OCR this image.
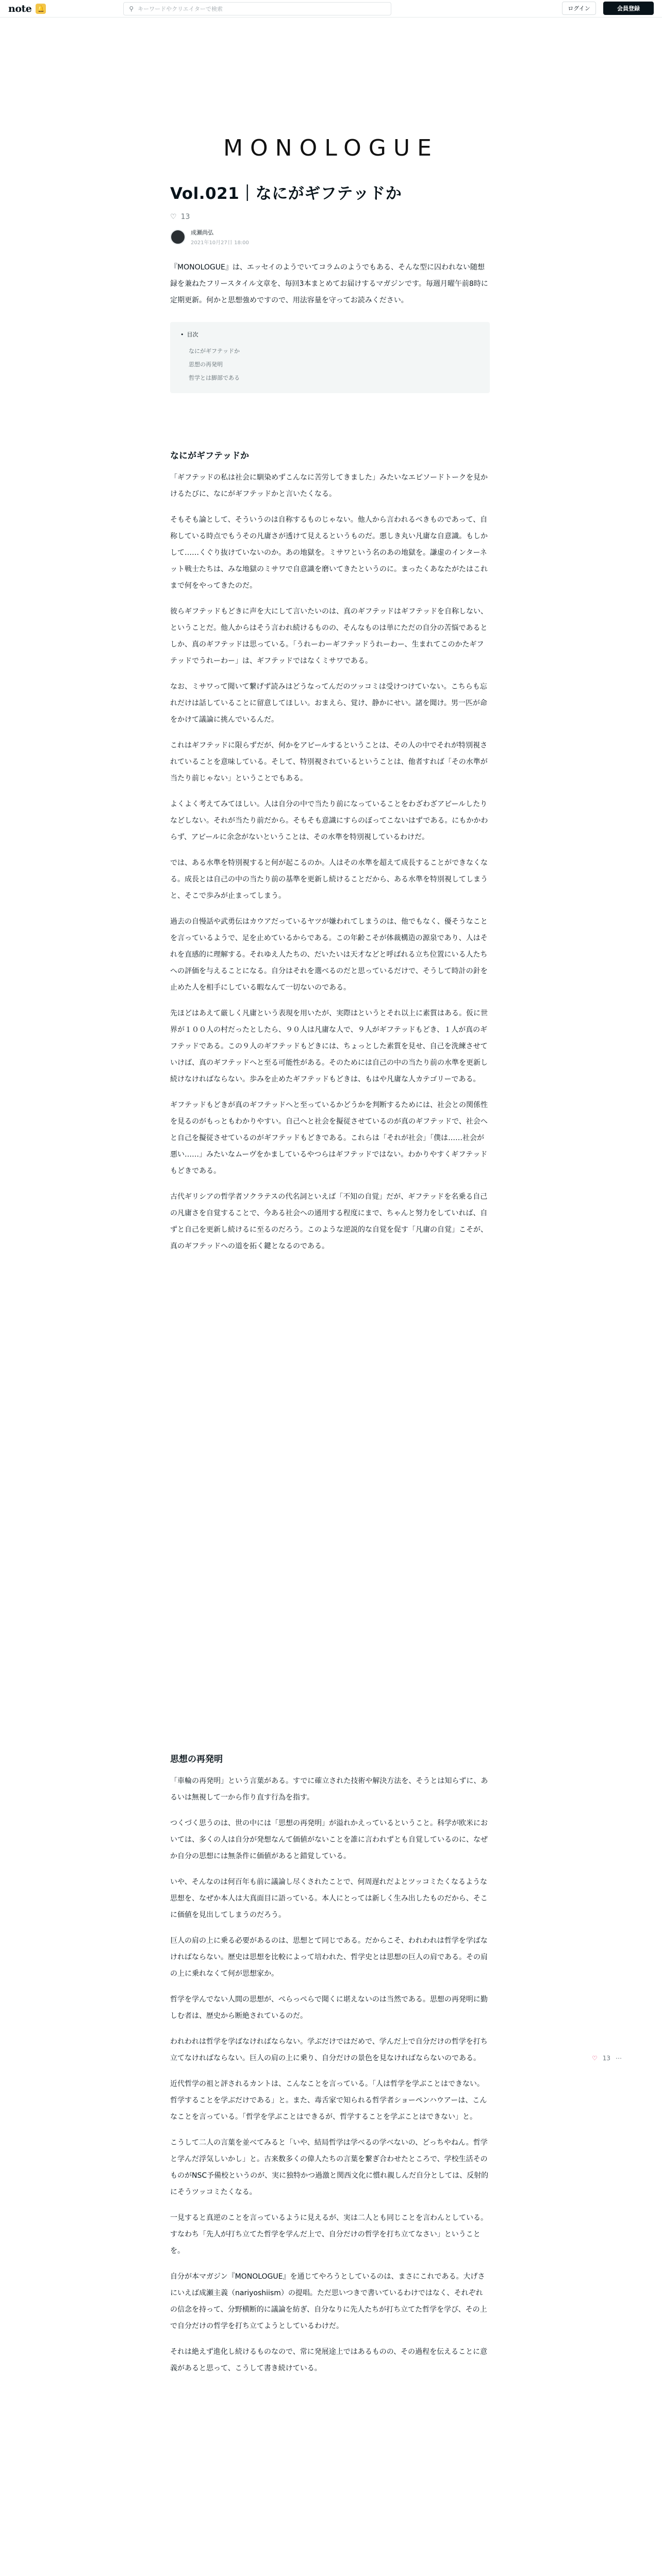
note 🔔	⚲ キーワードやクリエイターで検索	ログイン	会員登録
MONOLOGUE
Vol.021｜なにがギフテッドか
♡ 13
成瀬尚弘
2021年10月27日 18:00

『MONOLOGUE』は、エッセイのようでいてコラムのようでもある、そんな型に囚われない随想録を兼ねたフリースタイル文章を、毎回3本まとめてお届けするマガジンです。毎週月曜午前8時に定期更新。何かと思想強めですので、用法容量を守ってお読みください。

• 目次
なにがギフテッドか
思想の再発明
哲学とは脚部である
なにがギフテッドか

「ギフテッドの私は社会に馴染めずこんなに苦労してきました」みたいなエピソードトークを見かけるたびに、なにがギフテッドかと言いたくなる。

そもそも論として、そういうのは自称するものじゃない。他人から言われるべきものであって、自称している時点でもうその凡庸さが透けて見えるというものだ。悪しき丸い凡庸な自意識。もしかして……くぐり抜けていないのか。あの地獄を。ミサワという名のあの地獄を。謙虚のインターネット戦士たちは、みな地獄のミサワで自意識を磨いてきたというのに。まったくあなたがたはこれまで何をやってきたのだ。

彼らギフテッドもどきに声を大にして言いたいのは、真のギフテッドはギフテッドを自称しない、ということだ。他人からはそう言われ続けるものの、そんなものは単にただの自分の苦悩であるとしか、真のギフテッドは思っている。「うれーわーギフテッドうれーわー、生まれてこのかたギフテッドでうれーわー」は、ギフテッドではなくミサワである。

なお、ミサワって聞いて繋げず読みはどうなってんだのツッコミは受けつけていない。こちらも忘れだけは話していることに留意してほしい。おまえら、覚け、静かにせい。諸を聞け。男一匹が命をかけて議論に挑んでいるんだ。

これはギフテッドに限らずだが、何かをアピールするということは、その人の中でそれが特別視されていることを意味している。そして、特別視されているということは、他者すれば「その水準が当たり前じゃない」ということでもある。

よくよく考えてみてほしい。人は自分の中で当たり前になっていることをわざわざアピールしたりなどしない。それが当たり前だから。そもそも意識にすらのぼってこないはずである。にもかかわらず、アピールに余念がないということは、その水準を特別視しているわけだ。

では、ある水準を特別視すると何が起こるのか。人はその水準を超えて成長することができなくなる。成長とは自己の中の当たり前の基準を更新し続けることだから、ある水準を特別視してしまうと、そこで歩みが止まってしまう。

過去の自慢話や武勇伝はカウアだっているヤツが嫌われてしまうのは、他でもなく、優そうなことを言っているようで、足を止めているからである。この年齢こそが体裁構造の源泉であり、人はそれを直感的に理解する。それゆえ人たちの、だいたいは天才などと呼ばれる立ち位置にいる人たちへの評価を与えることになる。自分はそれを選べるのだと思っているだけで、そうして時計の針を止めた人を相手にしている暇なんて一切ないのである。

先ほどはあえて厳しく凡庸という表現を用いたが、実際はというとそれ以上に素質はある。仮に世界が１００人の村だったとしたら、９０人は凡庸な人で、９人がギフテッドもどき、１人が真のギフテッドである。この９人のギフテッドもどきには、ちょっとした素質を見せ、自己を洗練させていけば、真のギフテッドへと至る可能性がある。そのためには自己の中の当たり前の水準を更新し続けなければならない。歩みを止めたギフテッドもどきは、もはや凡庸な人カテゴリーである。

ギフテッドもどきが真のギフテッドへと至っているかどうかを判断するためには、社会との関係性を見るのがもっともわかりやすい。自己へと社会を擬従させているのが真のギフテッドで、社会へと自己を擬従させているのがギフテッドもどきである。これらは「それが社会」「僕は……社会が悪い……」みたいなムーヴをかましているやつらはギフテッドではない。わかりやすくギフテッドもどきである。

古代ギリシアの哲学者ソクラテスの代名詞といえば「不知の自覚」だが、ギフテッドを名乗る自己の凡庸さを自覚することで、今ある社会への通用する程度にまで、ちゃんと努力をしていれば、自ずと自己を更新し続けるに至るのだろう。このような逆説的な自覚を促す「凡庸の自覚」こそが、真のギフテッドへの道を拓く鍵となるのである。

思想の再発明

「車輪の再発明」という言葉がある。すでに確立された技術や解決方法を、そうとは知らずに、あるいは無視して一から作り直す行為を指す。

つくづく思うのは、世の中には「思想の再発明」が溢れかえっているということ。科学が欧米においては、多くの人は自分が発想なんて価値がないことを誰に言われずとも自覚しているのに、なぜか自分の思想には無条件に価値があると錯覚している。

いや、そんなのは何百年も前に議論し尽くされたことで、何周遅れだよとツッコミたくなるような思想を、なぜか本人は大真面目に語っている。本人にとっては新しく生み出したものだから、そこに価値を見出してしまうのだろう。

巨人の肩の上に乗る必要があるのは、思想とて同じである。だからこそ、われわれは哲学を学ばなければならない。歴史は思想を比較によって培われた、哲学史とは思想の巨人の肩である。その肩の上に乗れなくて何が思想家か。

哲学を学んでない人間の思想が、ぺらっぺらで聞くに堪えないのは当然である。思想の再発明に勤しむ者は、歴史から断絶されているのだ。

われわれは哲学を学ばなければならない。学ぶだけではだめで、学んだ上で自分だけの哲学を打ち立てなければならない。巨人の肩の上に乗り、自分だけの景色を見なければならないのである。

近代哲学の祖と評されるカントは、こんなことを言っている。「人は哲学を学ぶことはできない。哲学することを学ぶだけである」と。また、毒舌家で知られる哲学者ショーペンハウアーは、こんなことを言っている。「哲学を学ぶことはできるが、哲学することを学ぶことはできない」と。

こうして二人の言葉を並べてみると「いや、結局哲学は学べるの学べないの、どっちやねん。哲学と学んだ浮気しいかし」と。古来数多くの偉人たちの言葉を繋ぎ合わせたところで、学校生活そのものがNSC予備校というのが、実に独特かつ過激と関西文化に慣れ親しんだ自分としては、反射的にそうツッコミたくなる。

一見すると真逆のことを言っているように見えるが、実は二人とも同じことを言わんとしている。すなわち「先人が打ち立てた哲学を学んだ上で、自分だけの哲学を打ち立てなさい」ということを。

自分が本マガジン『MONOLOGUE』を通じてやろうとしているのは、まさにこれである。大げさにいえば成瀬主義（nariyoshiism）の提唱。ただ思いつきで書いているわけではなく、それぞれの信念を持って、分野横断的に議論を紡ぎ、自分なりに先人たちが打ち立てた哲学を学び、その上で自分だけの哲学を打ち立てようとしているわけだ。

それは絶えず進化し続けるものなので、常に発展途上ではあるものの、その過程を伝えることに意義があると思って、こうして書き続けている。

♡ 13 ⋯
